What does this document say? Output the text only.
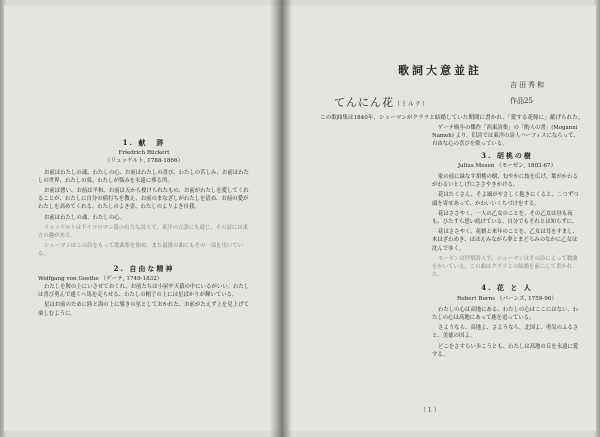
1. 献　辞
Friedrich Rückert
（リュッケルト, 1788-1866）

お前はわたしの魂、わたしの心、お前はわたしの喜び、わたしの苦しみ、お前はわたしの世界、わたしの墓、わたしが悩みを永遠に葬る所。

お前は憩い、お前は平和、お前は天から授けられたもの、お前がわたしを愛してくれることが、わたしに自分の値打ちを教え、お前のまなざしがわたしを清め、お前の愛がわたしを高めてくれる、わたしのよき霊、わたしのよりよき自我。

お前はわたしの魂、わたしの心。

リュッケルトはドイツロマン派の有力な詩人で、東洋の言語にも通じ、その詩には東方の趣がある。

シューマンはこの詩をもって歌曲集を始め、また最後の曲にもその一部を用いている。

2. 自由な精神
Wolfgang von Goethe （ゲーテ, 1749-1832）

わたしを鞍の上にいさせておくれ、お前たちは小屋や天幕の中にいるがいい。わたしは喜び勇んで遠くへ馬を走らせる、わたしの帽子の上には星ばかりが輝いている。

星はお前のために陸と海の上に導きの星としておかれた、お前がたえず上を見上げて楽しむように。

歌詞大意並註
吉田秀和
てんにん花（ミルテ）	作品25
この歌曲集は1840年、シューマンがクララと結婚していた期間に書かれ、「愛する花嫁に」献げられた。

ゲーテ晩年の傑作「西東詩集」の「酌人の書」(Moganni Nameh) より。旧詩では東洋の詩人ハーフィスにならって、自由な心の喜びを歌っている。

3. 胡桃の樹
Julius Mosen （モーゼン, 1803-67）

家の前に緑なす胡桃の樹、匂やかに枝を広げ、葉がかわるがわるいとしげにささやきかける。

花はたくさん、そよ風がやさしく抱きにくると、二つずつ頭を寄せあって、かわいいくちづけをする。

花はささやく、一人の乙女のことを、その乙女は昼も夜も、ひたすら思い続けている、自分でもそれとは知らずに。

花はささやく、花婿と来年のことを。乙女は耳をすまし、木はざわめき、ほほえみながら夢とまどろみのなかに乙女は沈んでゆく。

モーゼンは抒情詩人で、シューマンはその詩によって数曲をかいている。この曲はクララとの結婚を前にして書かれた。

4. 花 と 人
Robert Burns （バーンズ, 1759-96）

わたしの心は高地にある、わたしの心はここにはない、わたしの心は高地にあって鹿を追っている。

さようなら、高地よ、さようなら、北国よ、勇気のふるさと、美徳の国よ。

どこをさすらい歩こうとも、わたしは高地の丘を永遠に愛する。

（ 1 ）
